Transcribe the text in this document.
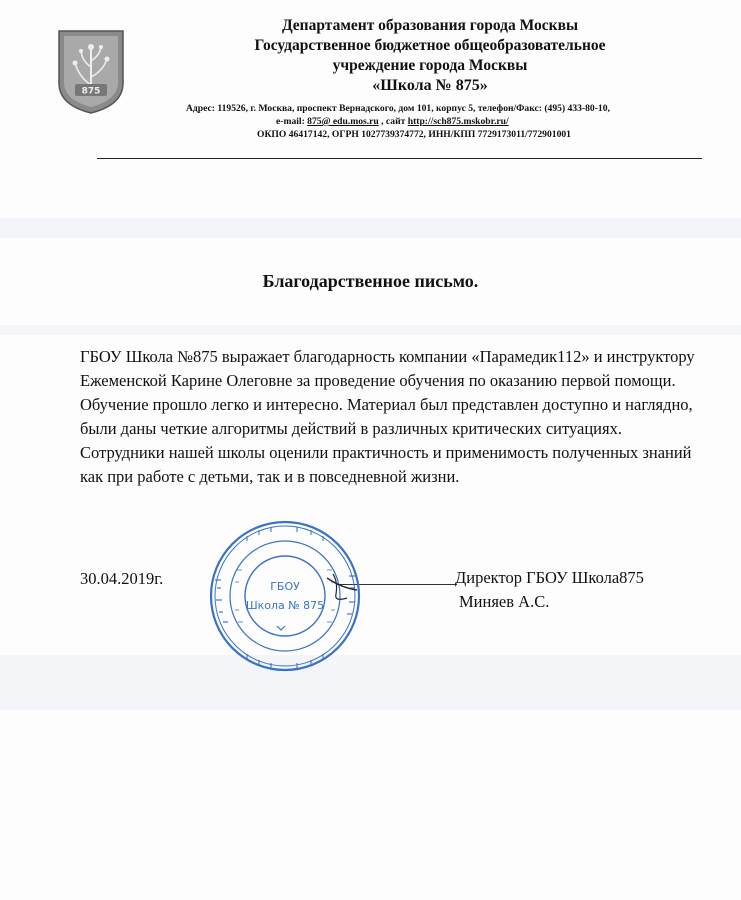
875
Департамент образования города Москвы
Государственное бюджетное общеобразовательное
учреждение города Москвы
«Школа № 875»
Адрес: 119526, г. Москва, проспект Вернадского, дом 101, корпус 5, телефон/Факс: (495) 433-80-10,
e-mail: 875@ edu.mos.ru , сайт http://sch875.mskobr.ru/
ОКПО 46417142, ОГРН 1027739374772, ИНН/КПП 7729173011/772901001
Благодарственное письмо.

ГБОУ Школа №875 выражает благодарность компании «Парамедик112» и инструктору Ежеменской Карине Олеговне за проведение обучения по оказанию первой помощи.

Обучение прошло легко и интересно. Материал был представлен доступно и наглядно, были даны четкие алгоритмы действий в различных критических ситуациях. Сотрудники нашей школы оценили практичность и применимость полученных знаний как при работе с детьми, так и в повседневной жизни.

30.04.2019г.	Директор ГБОУ Школа875
Миняев А.С.
ГБОУ
Школа № 875
